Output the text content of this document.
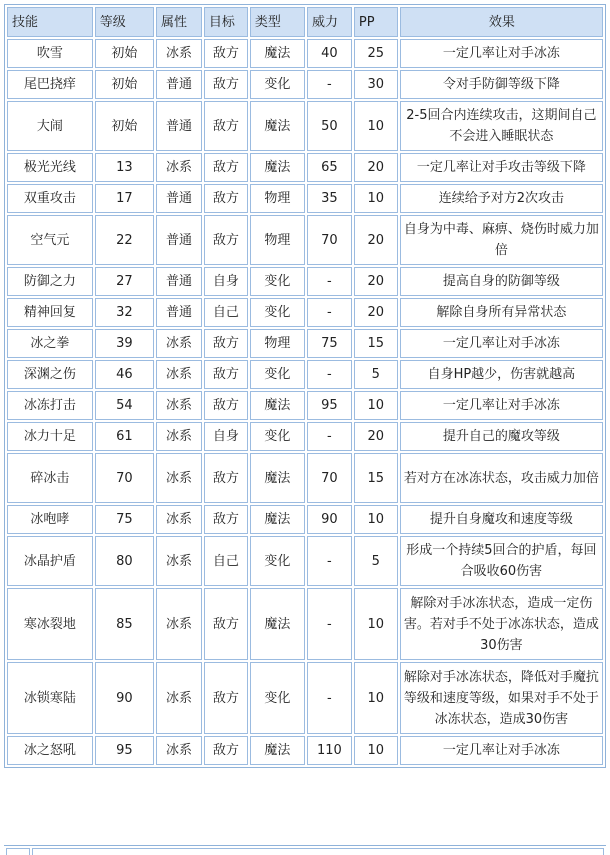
技能	等级	属性	目标	类型	威力	PP	效果
吹雪	初始	冰系	敌方	魔法	40	25	一定几率让对手冰冻
尾巴挠痒	初始	普通	敌方	变化	-	30	令对手防御等级下降
大闹	初始	普通	敌方	魔法	50	10	2-5回合内连续攻击，这期间自己不会进入睡眠状态
极光光线	13	冰系	敌方	魔法	65	20	一定几率让对手攻击等级下降
双重攻击	17	普通	敌方	物理	35	10	连续给予对方2次攻击
空气元	22	普通	敌方	物理	70	20	自身为中毒、麻痹、烧伤时威力加倍
防御之力	27	普通	自身	变化	-	20	提高自身的防御等级
精神回复	32	普通	自己	变化	-	20	解除自身所有异常状态
冰之拳	39	冰系	敌方	物理	75	15	一定几率让对手冰冻
深渊之伤	46	冰系	敌方	变化	-	5	自身HP越少，伤害就越高
冰冻打击	54	冰系	敌方	魔法	95	10	一定几率让对手冰冻
冰力十足	61	冰系	自身	变化	-	20	提升自己的魔攻等级
碎冰击	70	冰系	敌方	魔法	70	15	若对方在冰冻状态，攻击威力加倍
冰咆哮	75	冰系	敌方	魔法	90	10	提升自身魔攻和速度等级
冰晶护盾	80	冰系	自己	变化	-	5	形成一个持续5回合的护盾，每回合吸收60伤害
寒冰裂地	85	冰系	敌方	魔法	-	10	解除对手冰冻状态，造成一定伤害。若对手不处于冰冻状态，造成30伤害
冰锁寒陆	90	冰系	敌方	变化	-	10	解除对手冰冻状态，降低对手魔抗等级和速度等级，如果对手不处于冰冻状态，造成30伤害
冰之怒吼	95	冰系	敌方	魔法	110	10	一定几率让对手冰冻
